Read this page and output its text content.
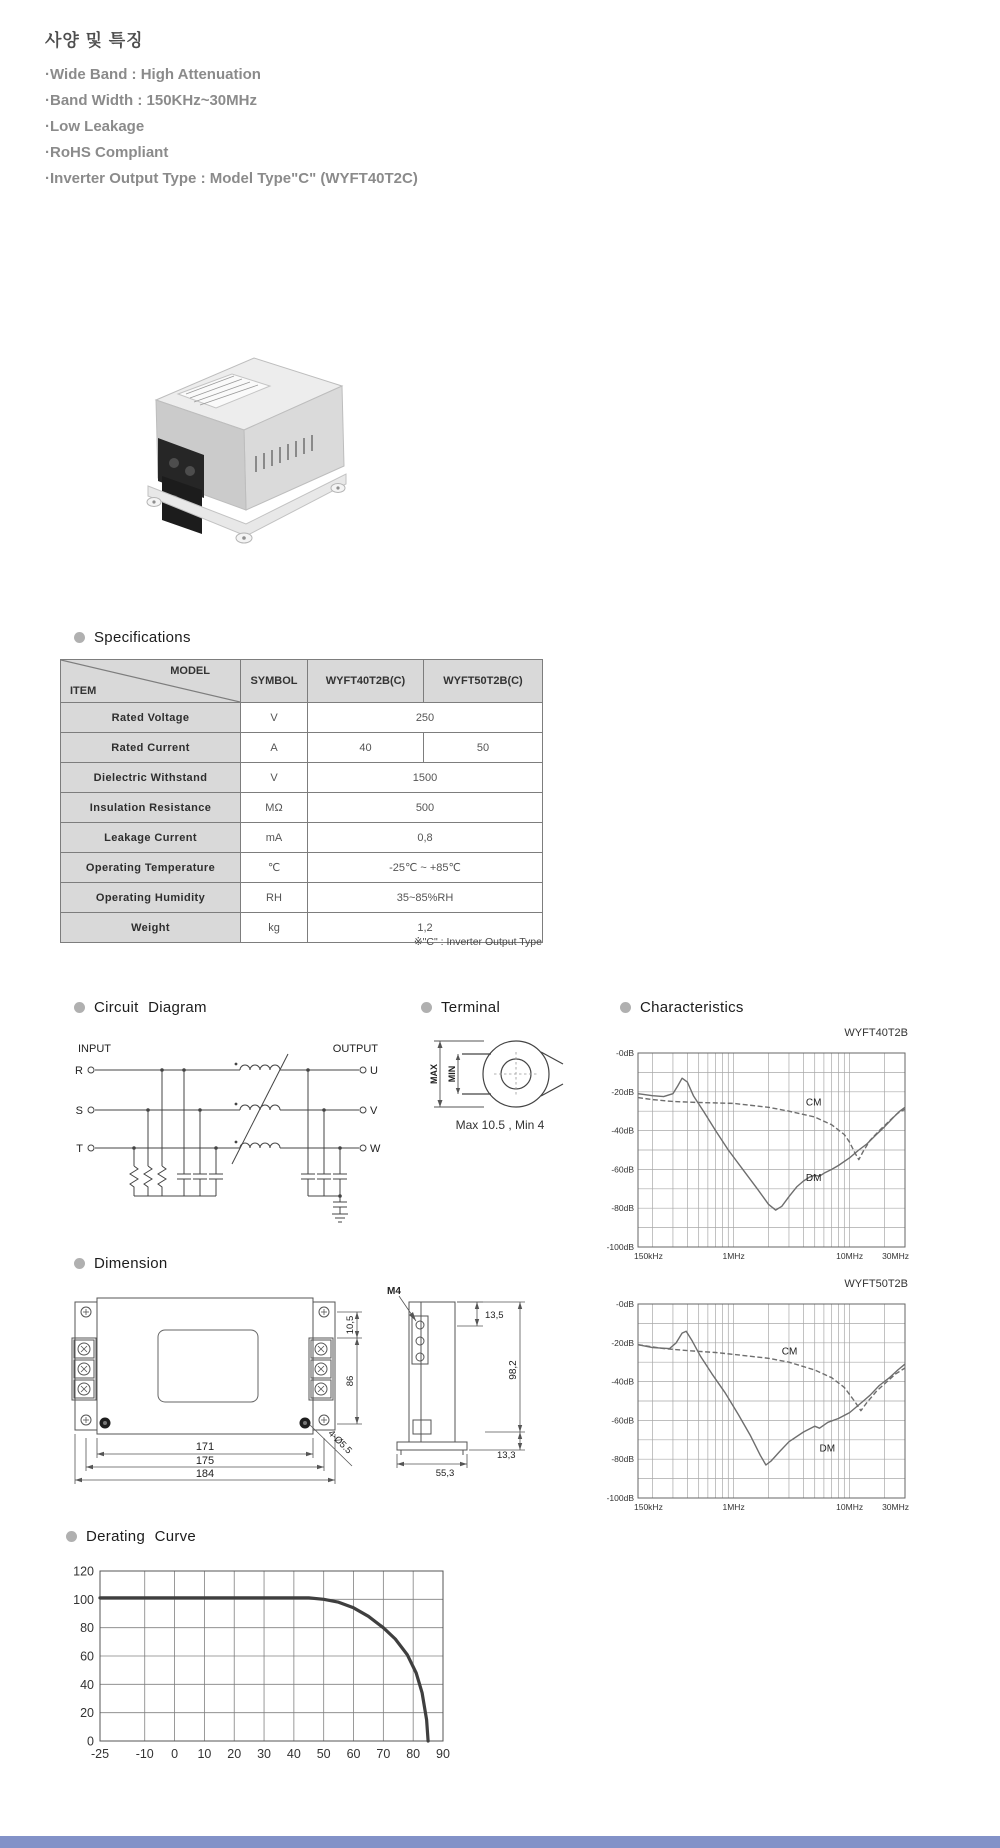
사양 및 특징
·Wide Band : High Attenuation
·Band Width : 150KHz~30MHz
·Low Leakage
·RoHS Compliant
·Inverter Output Type : Model Type"C" (WYFT40T2C)
Specifications
MODEL
ITEM	SYMBOL	WYFT40T2B(C)	WYFT50T2B(C)
Rated Voltage	V	250	
Rated Current	A	40	50
Dielectric Withstand	V	1500	
Insulation Resistance	MΩ	500	
Leakage Current	mA	0,8	
Operating Temperature	℃	-25℃ ~ +85℃	
Operating Humidity	RH	35~85%RH	
Weight	kg	1,2	
※"C" : Inverter Output Type
Circuit Diagram	Terminal	Characteristics
INPUT	OUTPUT
R
S
T
U
V
W
MAX MIN
Max 10.5 , Min 4
WYFT40T2B
-0dB
-20dB
-40dB
-60dB
-80dB
-100dB
150kHz	1MHz	10MHz 30MHz
CM
DM
WYFT50T2B
-0dB
-20dB
-40dB
-60dB
-80dB
-100dB
150kHz	1MHz	10MHz 30MHz
CM
DM
Dimension
171
175
184
10,5
86
4-Ø5.5
M4
13,5
98,2
13,3
55,3
Derating Curve
0
20
40
60
80
100
120
-25 -10 0 10 20 30 40 50 60 70 80 90
